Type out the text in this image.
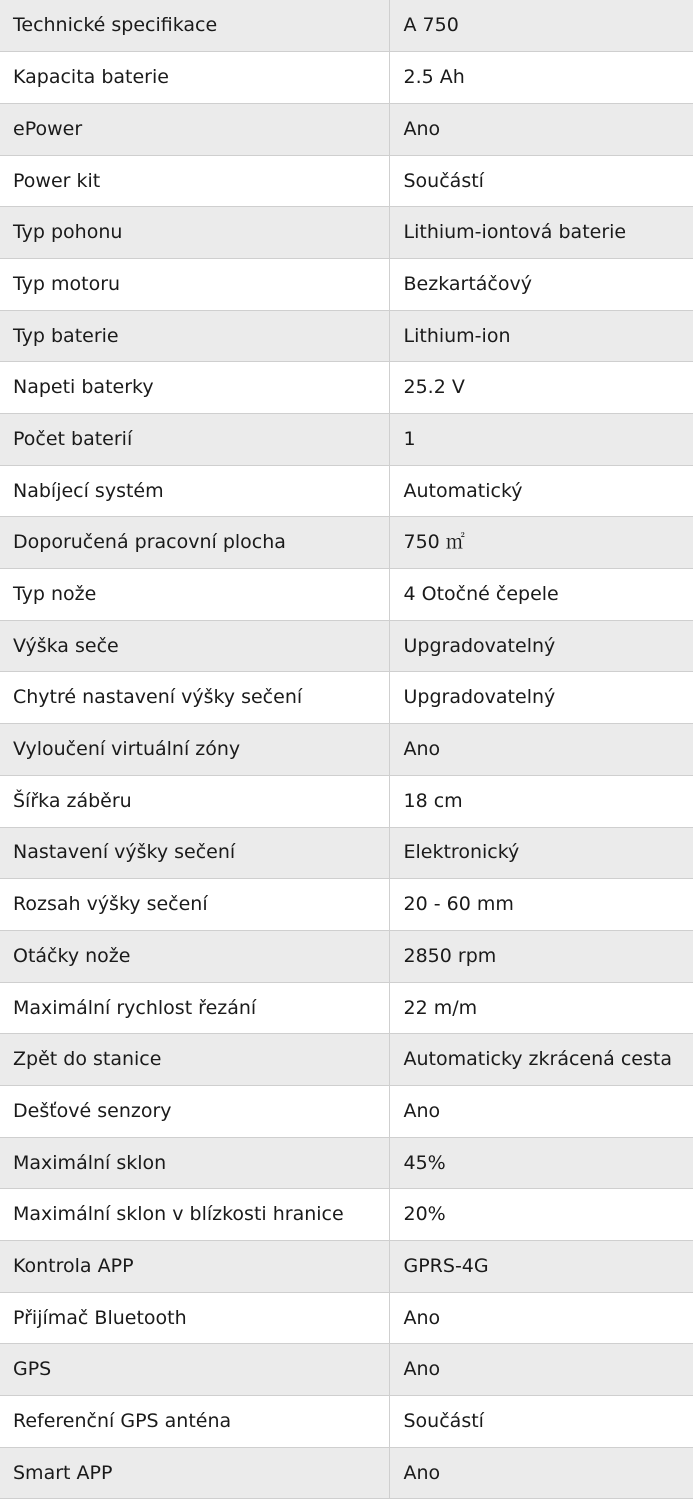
Technické specifikace	A 750
Kapacita baterie	2.5 Ah
ePower	Ano
Power kit	Součástí
Typ pohonu	Lithium-iontová baterie
Typ motoru	Bezkartáčový
Typ baterie	Lithium-ion
Napeti baterky	25.2 V
Počet baterií	1
Nabíjecí systém	Automatický
Doporučená pracovní plocha	750 ㎡
Typ nože	4 Otočné čepele
Výška seče	Upgradovatelný
Chytré nastavení výšky sečení	Upgradovatelný
Vyloučení virtuální zóny	Ano
Šířka záběru	18 cm
Nastavení výšky sečení	Elektronický
Rozsah výšky sečení	20 - 60 mm
Otáčky nože	2850 rpm
Maximální rychlost řezání	22 m/m
Zpět do stanice	Automaticky zkrácená cesta
Dešťové senzory	Ano
Maximální sklon	45%
Maximální sklon v blízkosti hranice	20%
Kontrola APP	GPRS-4G
Přijímač Bluetooth	Ano
GPS	Ano
Referenční GPS anténa	Součástí
Smart APP	Ano
